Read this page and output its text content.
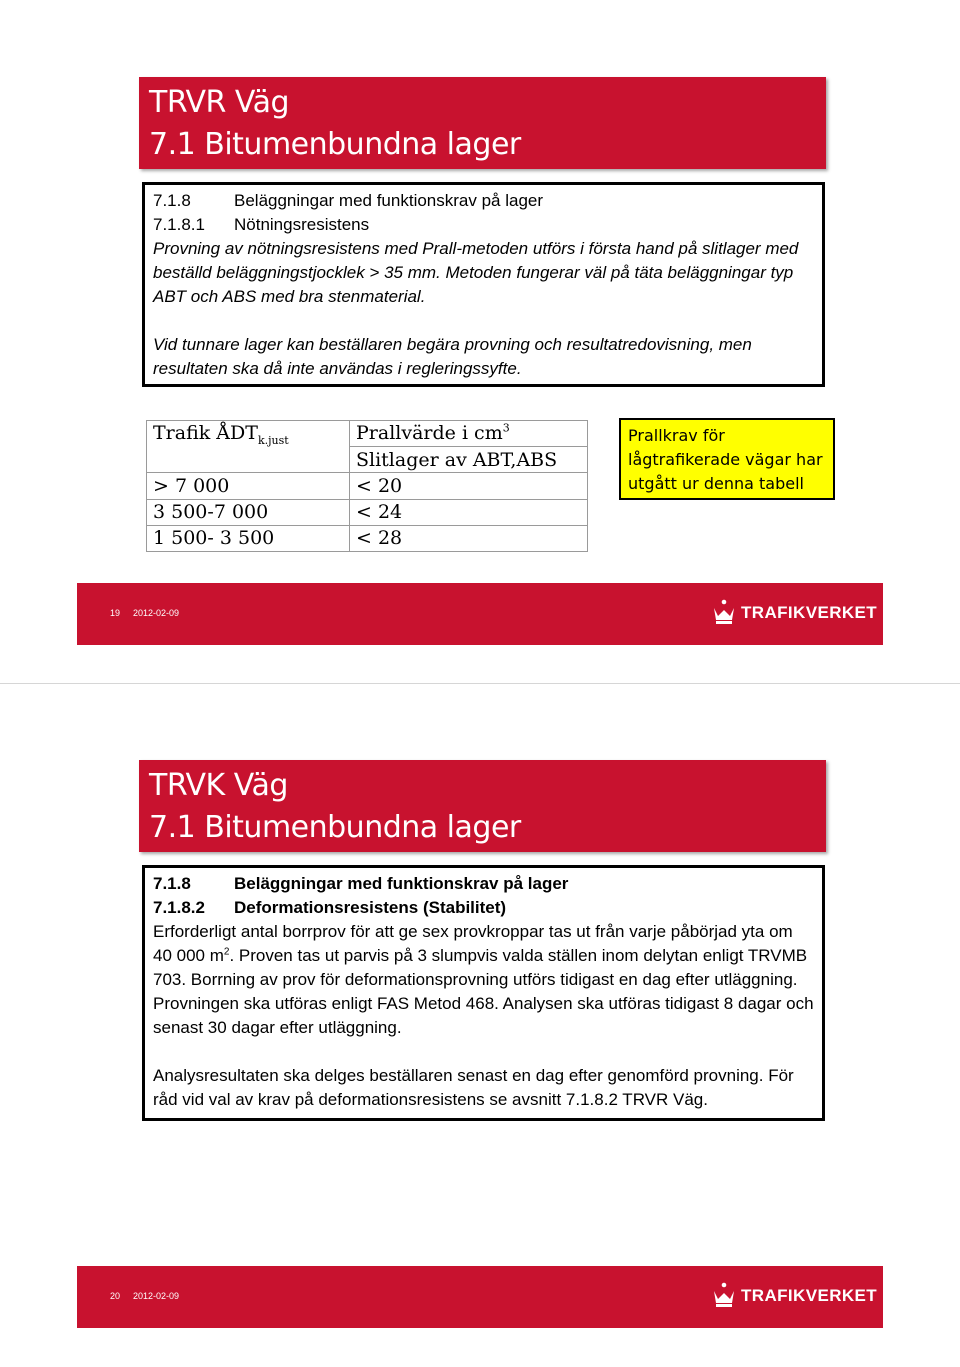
TRVR Väg
7.1 Bitumenbundna lager
7.1.8	Beläggningar med funktionskrav på lager
7.1.8.1 Nötningsresistens
Provning av nötningsresistens med Prall-metoden utförs i första hand på slitlager med beställd beläggningstjocklek > 35 mm. Metoden fungerar väl på täta beläggningar typ ABT och ABS med bra stenmaterial.
Vid tunnare lager kan beställaren begära provning och resultatredovisning, men resultaten ska då inte användas i regleringssyfte.
Trafik $ÅDT_{k.just}$	Prallvärde i $cm^3$
	Slitlager av ABT,ABS
> 7 000	< 20
3 500-7 000	< 24
1 500- 3 500	< 28
Prallkrav för lågtrafikerade vägar har utgått ur denna tabell
19 2012-02-09	TRAFIKVERKET
TRVK Väg
7.1 Bitumenbundna lager
7.1.8	Beläggningar med funktionskrav på lager
7.1.8.2 Deformationsresistens (Stabilitet)
Erforderligt antal borrprov för att ge sex provkroppar tas ut från varje påbörjad yta om 40 000 $m^2$. Proven tas ut parvis på 3 slumpvis valda ställen inom delytan enligt TRVMB 703. Borrning av prov för deformationsprovning utförs tidigast en dag efter utläggning. Provningen ska utföras enligt FAS Metod 468. Analysen ska utföras tidigast 8 dagar och senast 30 dagar efter utläggning.
Analysresultaten ska delges beställaren senast en dag efter genomförd provning. För råd vid val av krav på deformationsresistens se avsnitt 7.1.8.2 TRVR Väg.
20 2012-02-09	TRAFIKVERKET
